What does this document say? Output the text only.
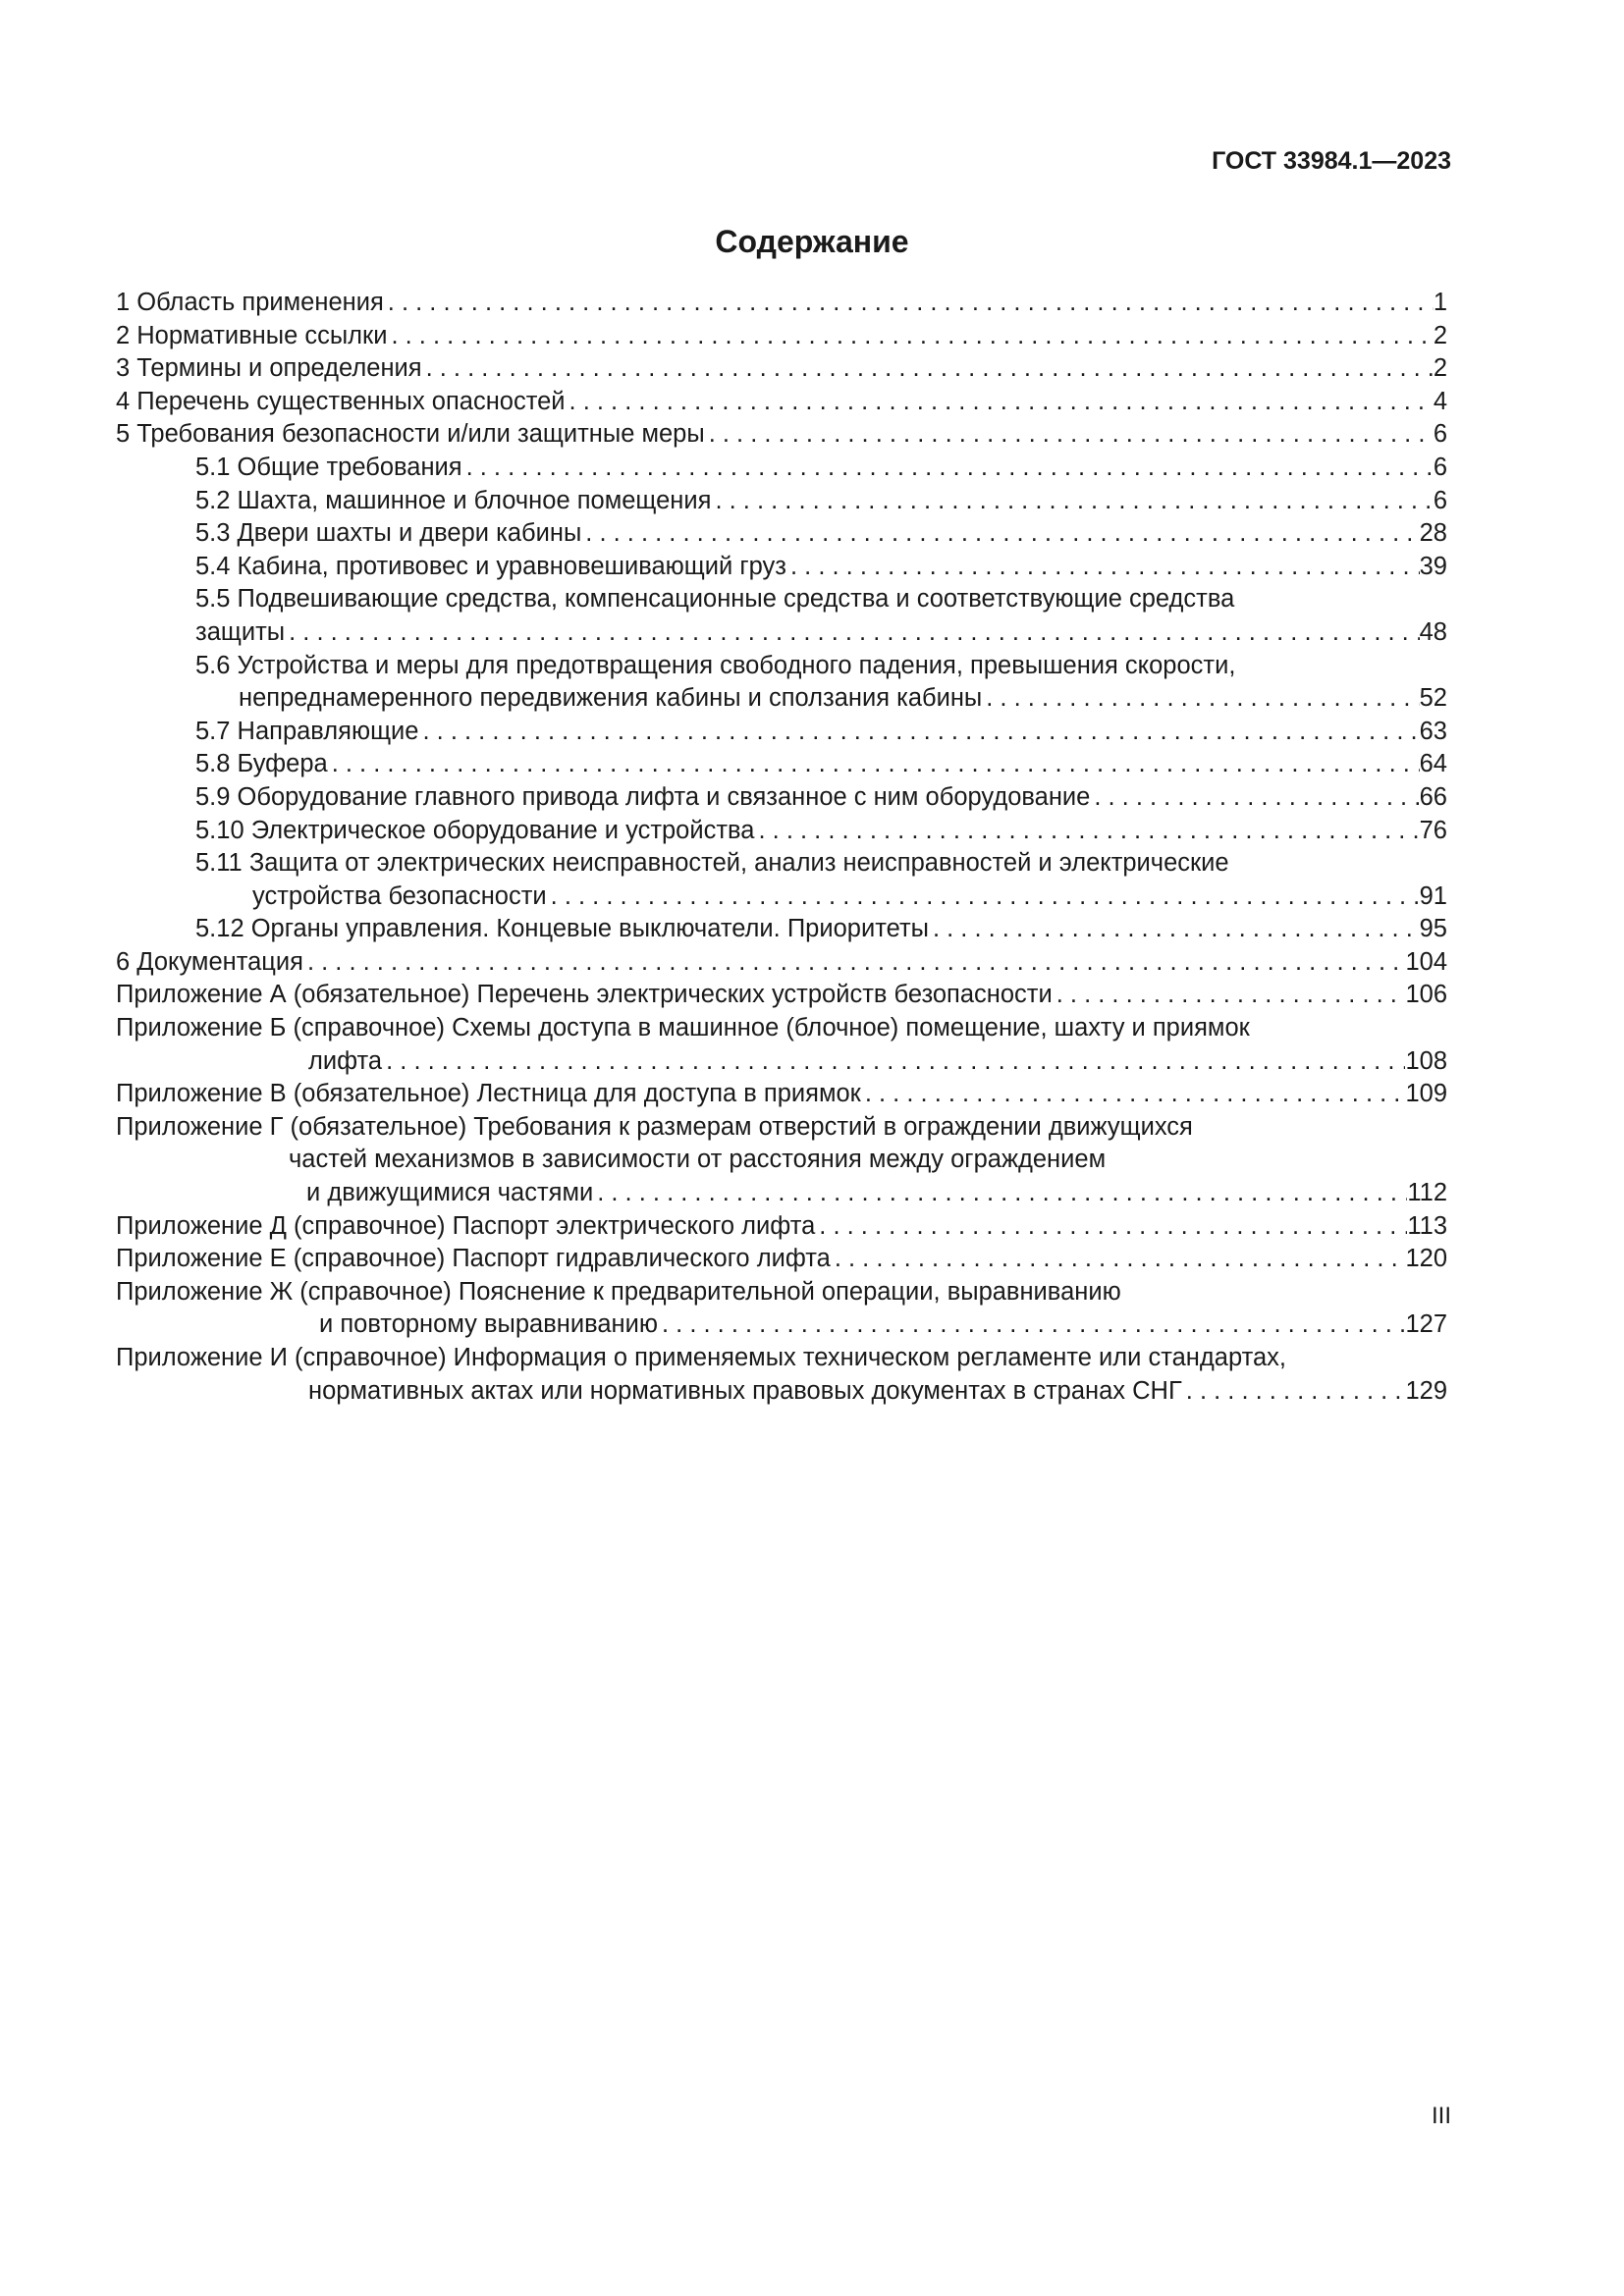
ГОСТ 33984.1—2023
Содержание
1 Область применения . . .	1
2 Нормативные ссылки . . .	2
3 Термины и определения . . .	2
4 Перечень существенных опасностей . . .	4
5 Требования безопасности и/или защитные меры . . .	6
5.1 Общие требования . . .	6
5.2 Шахта, машинное и блочное помещения . . .	6
5.3 Двери шахты и двери кабины . . .	28
5.4 Кабина, противовес и уравновешивающий груз . . .	39
5.5 Подвешивающие средства, компенсационные средства и соответствующие средства
защиты . . .	48
5.6 Устройства и меры для предотвращения свободного падения, превышения скорости,
непреднамеренного передвижения кабины и сползания кабины . . .	52
5.7 Направляющие . . .	63
5.8 Буфера . . .	64
5.9 Оборудование главного привода лифта и связанное с ним оборудование . . .	66
5.10 Электрическое оборудование и устройства . . .	76
5.11 Защита от электрических неисправностей, анализ неисправностей и электрические
устройства безопасности . . .	91
5.12 Органы управления. Концевые выключатели. Приоритеты . . .	95
6 Документация . . .	104
Приложение А (обязательное) Перечень электрических устройств безопасности . . .	106
Приложение Б (справочное) Схемы доступа в машинное (блочное) помещение, шахту и приямок
лифта . . .	108
Приложение В (обязательное) Лестница для доступа в приямок . . .	109
Приложение Г (обязательное) Требования к размерам отверстий в ограждении движущихся
частей механизмов в зависимости от расстояния между ограждением
и движущимися частями . . .	112
Приложение Д (справочное) Паспорт электрического лифта . . .	113
Приложение Е (справочное) Паспорт гидравлического лифта . . .	120
Приложение Ж (справочное) Пояснение к предварительной операции, выравниванию
и повторному выравниванию . . .	127
Приложение И (справочное) Информация о применяемых техническом регламенте или стандартах,
нормативных актах или нормативных правовых документах в странах СНГ . . .	129
III
